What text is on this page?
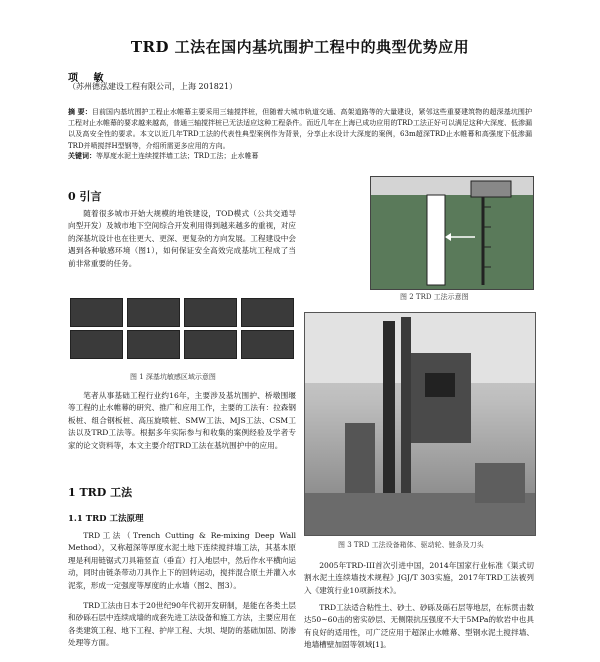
TRD 工法在国内基坑围护工程中的典型优势应用
项 敏
（苏州德泓建设工程有限公司，上海 201821）
摘 要：目前国内基坑围护工程止水帷幕主要采用三轴搅拌桩，但随着大城市轨道交通、高架道路等的大量建设，紧邻这些重要建筑物的超深基坑围护工程对止水帷幕的要求越来越高，普通三轴搅拌桩已无法适应这种工程条件。而近几年在上海已成功应用的TRD工法正好可以满足这种大深度、低渗漏以及高安全性的要求。本文以近几年TRD工法的代表性典型案例作为背景，分享止水设计大深度的案例，63m超深TRD止水帷幕和高强度下低渗漏TRD并喷搅拌H型钢等，介绍所需更多应用的方向。
关键词：等厚度水泥土连续搅拌墙工法；TRD工法；止水帷幕
0 引言
随着很多城市开始大规模的地铁建设，TOD模式（公共交通导向型开发）及城市地下空间综合开发利用得到越来越多的重视，对应的深基坑设计也在往更大、更深、更复杂的方向发展。工程建设中会遇到各种敏感环境（图1），如何保证安全高效完成基坑工程成了当前非常重要的任务。
图 1 深基坑敏感区域示意图
笔者从事基础工程行业约16年，主要涉及基坑围护、桥墩围堰等工程的止水帷幕的研究、推广和应用工作，主要的工法有：拉森钢板桩、组合钢板桩、高压旋喷桩、SMW工法、MJS工法、CSM工法以及TRD工法等。根据多年实际参与和收集的案例经验及学者专家的论文资料等，本文主要介绍TRD工法在基坑围护中的应用。
1 TRD 工法
1.1 TRD 工法原理
TRD工法（Trench Cutting & Re-mixing Deep Wall Method），又称超深等厚度水泥土地下连续搅拌墙工法，其基本原理是利用链锯式刀具箱竖直（垂直）打入地层中，然后作水平横向运动，同时由链条带动刀具作上下的回转运动，搅拌混合原土并灌入水泥浆，形成一定强度等厚度的止水墙（图2、图3）。
TRD工法由日本于20世纪90年代初开发研制，是能在各类土层和砂砾石层中连续成墙的成套先进工法设备和施工方法，主要应用在各类建筑工程、地下工程、护岸工程、大坝、堤防的基础加固、防渗处理等方面。
图 2 TRD 工法示意图
图 3 TRD 工法设备箱体、驱动轮、链条及刀头
2005年TRD-III首次引进中国，2014年国家行业标准《渠式切割水泥土连续墙技术规程》JGJ/T 303实施，2017年TRD工法被列入《建筑行业10项新技术》。
TRD工法适合粘性土、砂土、砂砾及砾石层等地层，在标贯击数达50~60击的密实砂层、无侧限抗压强度不大于5MPa的软岩中也具有良好的适用性，可广泛应用于超深止水帷幕、型钢水泥土搅拌墙、地墙槽壁加固等领域[1]。
